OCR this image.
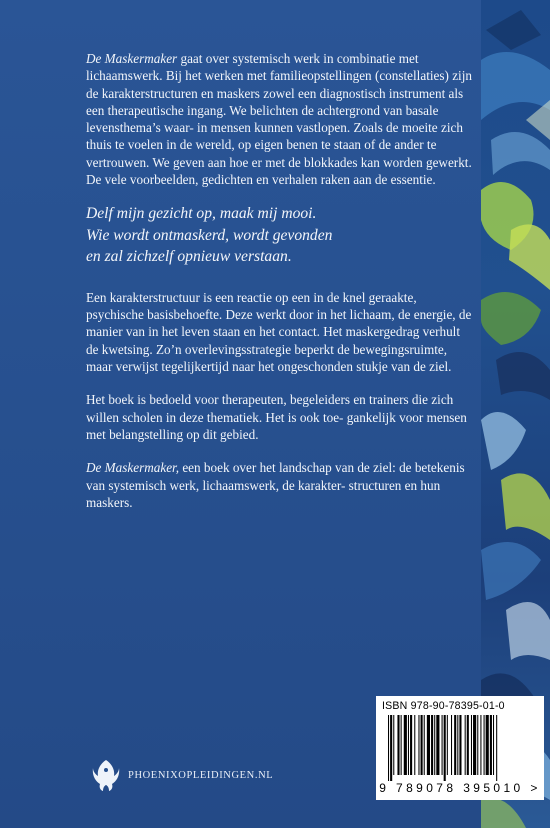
De Maskermaker gaat over systemisch werk in combinatie met lichaamswerk. Bij het werken met familieopstellingen (constellaties) zijn de karakterstructuren en maskers zowel een diagnostisch instrument als een therapeutische ingang. We belichten de achtergrond van basale levensthema’s waar- in mensen kunnen vastlopen. Zoals de moeite zich thuis te voelen in de wereld, op eigen benen te staan of de ander te vertrouwen. We geven aan hoe er met de blokkades kan worden gewerkt. De vele voorbeelden, gedichten en verhalen raken aan de essentie.

Delf mijn gezicht op, maak mij mooi.
Wie wordt ontmaskerd, wordt gevonden
en zal zichzelf opnieuw verstaan.

Een karakterstructuur is een reactie op een in de knel geraakte, psychische basisbehoefte. Deze werkt door in het lichaam, de energie, de manier van in het leven staan en het contact. Het maskergedrag verhult de kwetsing. Zo’n overlevingsstrategie beperkt de bewegingsruimte, maar verwijst tegelijkertijd naar het ongeschonden stukje van de ziel.

Het boek is bedoeld voor therapeuten, begeleiders en trainers die zich willen scholen in deze thematiek. Het is ook toe- gankelijk voor mensen met belangstelling op dit gebied.

De Maskermaker, een boek over het landschap van de ziel: de betekenis van systemisch werk, lichaamswerk, de karakter- structuren en hun maskers.

ISBN 978-90-78395-01-0
9 789078 395010 >
PHOENIXOPLEIDINGEN.NL
